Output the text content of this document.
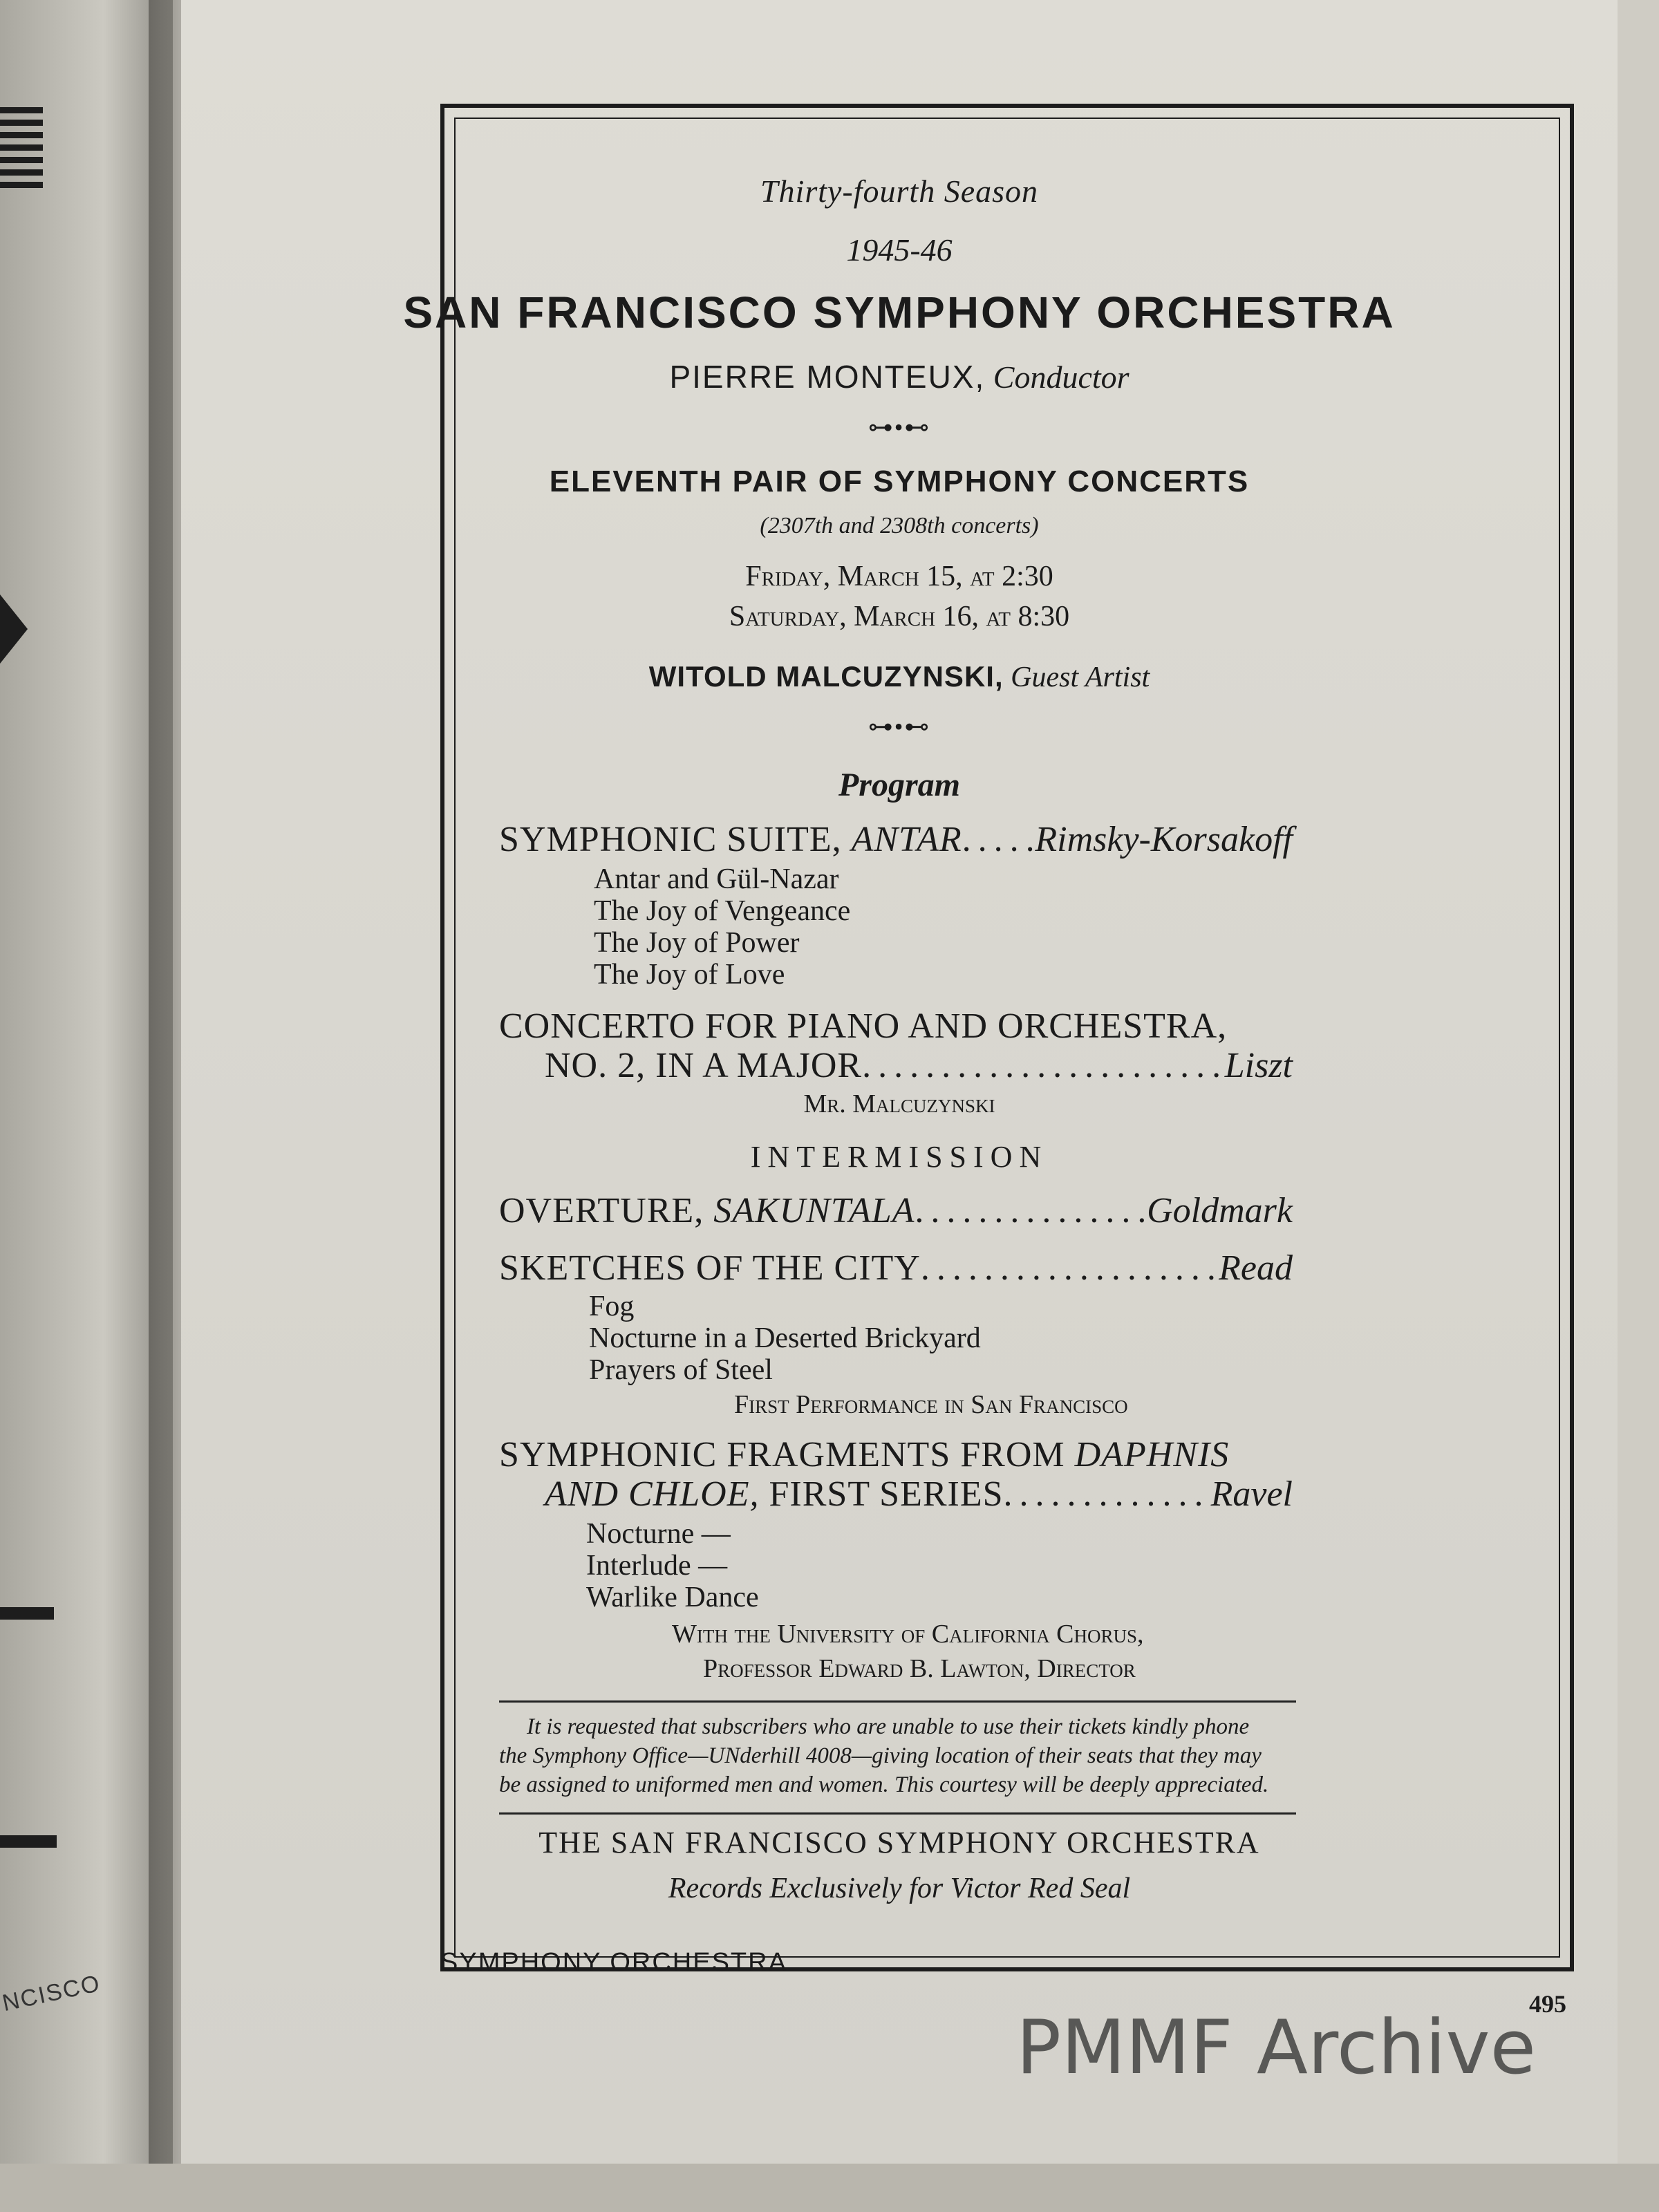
NCISCO
Thirty-fourth Season
1945-46
SAN FRANCISCO SYMPHONY ORCHESTRA
PIERRE MONTEUX, Conductor
⊶•⊷
ELEVENTH PAIR OF SYMPHONY CONCERTS
(2307th and 2308th concerts)
Friday, March 15, at 2:30
Saturday, March 16, at 8:30
WITOLD MALCUZYNSKI, Guest Artist
⊶•⊷
Program
SYMPHONIC SUITE, ANTAR ..... Rimsky-Korsakoff
Antar and Gül-Nazar
The Joy of Vengeance
The Joy of Power
The Joy of Love
CONCERTO FOR PIANO AND ORCHESTRA,
NO. 2, IN A MAJOR .....	Liszt
Mr. Malcuzynski
INTERMISSION
OVERTURE, SAKUNTALA .....	Goldmark
SKETCHES OF THE CITY .....	Read
Fog
Nocturne in a Deserted Brickyard
Prayers of Steel
First Performance in San Francisco
SYMPHONIC FRAGMENTS FROM DAPHNIS
AND CHLOE, FIRST SERIES .....	Ravel
Nocturne —
Interlude —
Warlike Dance
With the University of California Chorus,
Professor Edward B. Lawton, Director
It is requested that subscribers who are unable to use their tickets kindly phone
the Symphony Office—UNderhill 4008—giving location of their seats that they may
be assigned to uniformed men and women. This courtesy will be deeply appreciated.
THE SAN FRANCISCO SYMPHONY ORCHESTRA
Records Exclusively for Victor Red Seal
SYMPHONY ORCHESTRA
495
PMMF Archive
